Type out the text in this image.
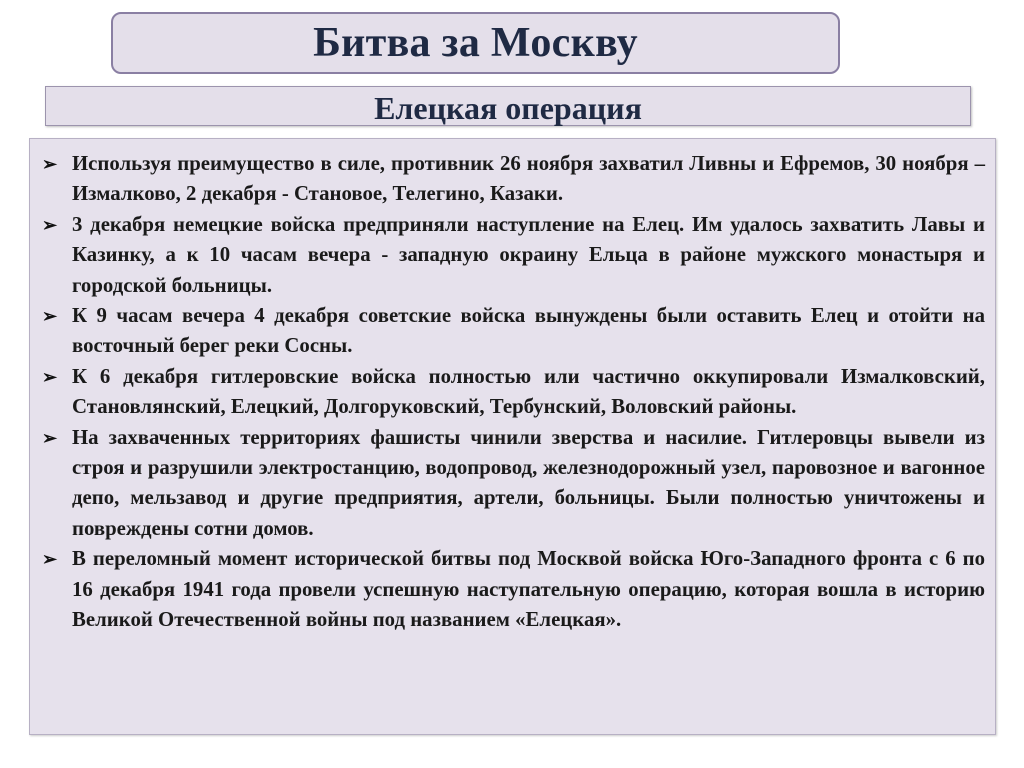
Битва за Москву
Елецкая операция
➢ Используя преимущество в силе, противник 26 ноября захватил Ливны и Ефремов, 30 ноября – Измалково, 2 декабря - Становое, Телегино, Казаки.
➢ 3 декабря немецкие войска предприняли наступление на Елец. Им удалось захватить Лавы и Казинку, а к 10 часам вечера - западную окраину Ельца в районе мужского монастыря и городской больницы.
➢ К 9 часам вечера 4 декабря советские войска вынуждены были оставить Елец и отойти на восточный берег реки Сосны.
➢ К 6 декабря гитлеровские войска полностью или частично оккупировали Измалковский, Становлянский, Елецкий, Долгоруковский, Тербунский, Воловский районы.
➢ На захваченных территориях фашисты чинили зверства и насилие. Гитлеровцы вывели из строя и разрушили электростанцию, водопровод, железнодорожный узел, паровозное и вагонное депо, мельзавод и другие предприятия, артели, больницы. Были полностью уничтожены и повреждены сотни домов.
➢ В переломный момент исторической битвы под Москвой войска Юго-Западного фронта с 6 по 16 декабря 1941 года провели успешную наступательную операцию, которая вошла в историю Великой Отечественной войны под названием «Елецкая».
